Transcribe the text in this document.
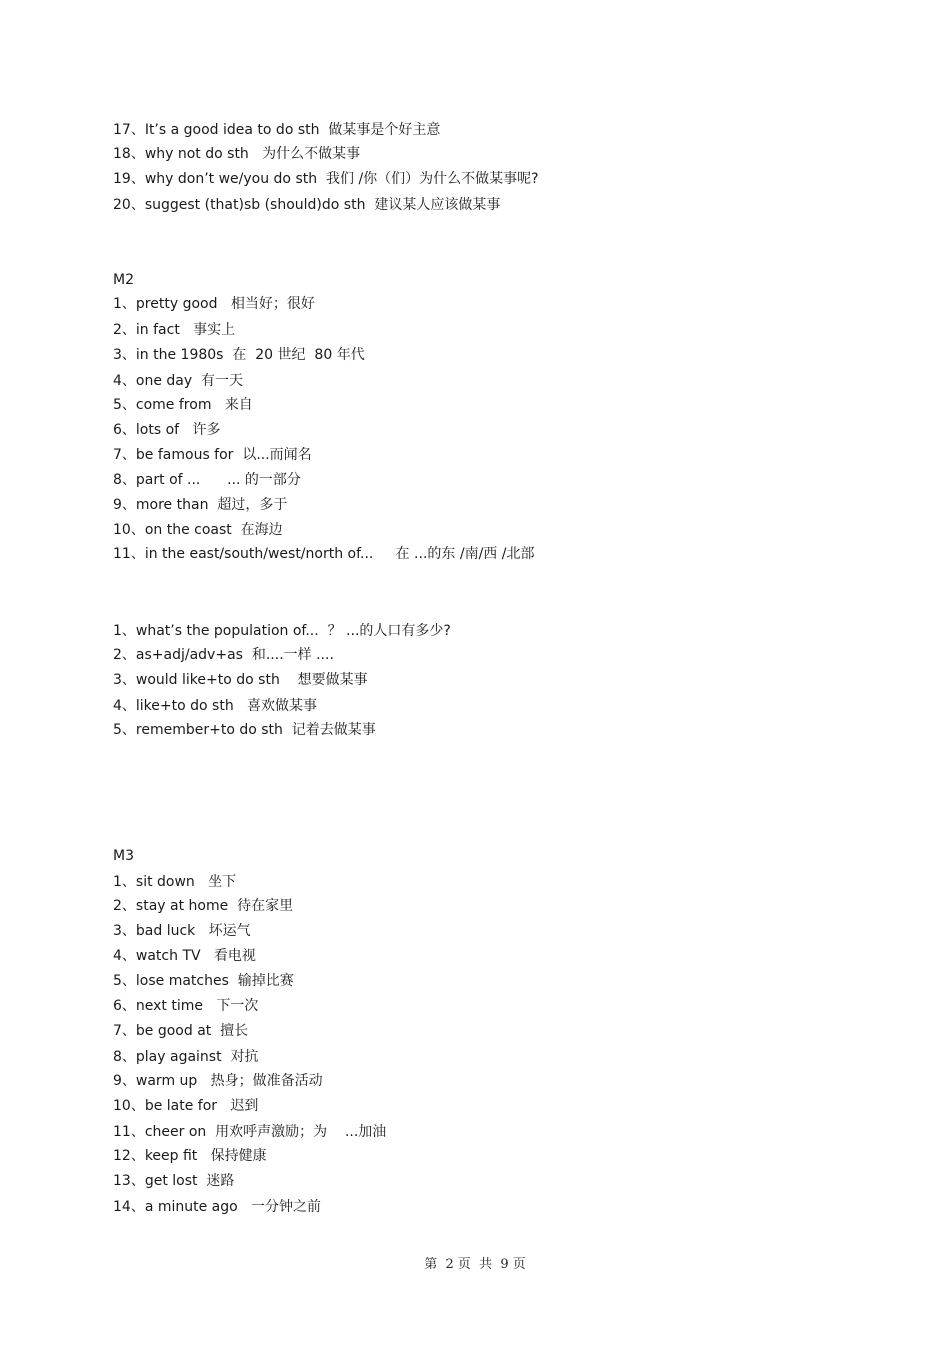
17、It’s a good idea to do sth  做某事是个好主意
18、why not do sth   为什么不做某事
19、why don’t we/you do sth  我们 /你（们）为什么不做某事呢?
20、suggest (that)sb (should)do sth  建议某人应该做某事
M2
1、pretty good   相当好；很好
2、in fact   事实上
3、in the 1980s  在  20 世纪  80 年代
4、one day  有一天
5、come from   来自
6、lots of   许多
7、be famous for  以...而闻名
8、part of ...      ... 的一部分
9、more than  超过，多于
10、on the coast  在海边
11、in the east/south/west/north of...     在 ...的东 /南/西 /北部
1、what’s the population of...  ？ ...的人口有多少?
2、as+adj/adv+as  和....一样 ....
3、would like+to do sth    想要做某事
4、like+to do sth   喜欢做某事
5、remember+to do sth  记着去做某事
M3
1、sit down   坐下
2、stay at home  待在家里
3、bad luck   坏运气
4、watch TV   看电视
5、lose matches  输掉比赛
6、next time   下一次
7、be good at  擅长
8、play against  对抗
9、warm up   热身；做准备活动
10、be late for   迟到
11、cheer on  用欢呼声激励；为    ...加油
12、keep fit   保持健康
13、get lost  迷路
14、a minute ago   一分钟之前
第  2 页  共  9 页
